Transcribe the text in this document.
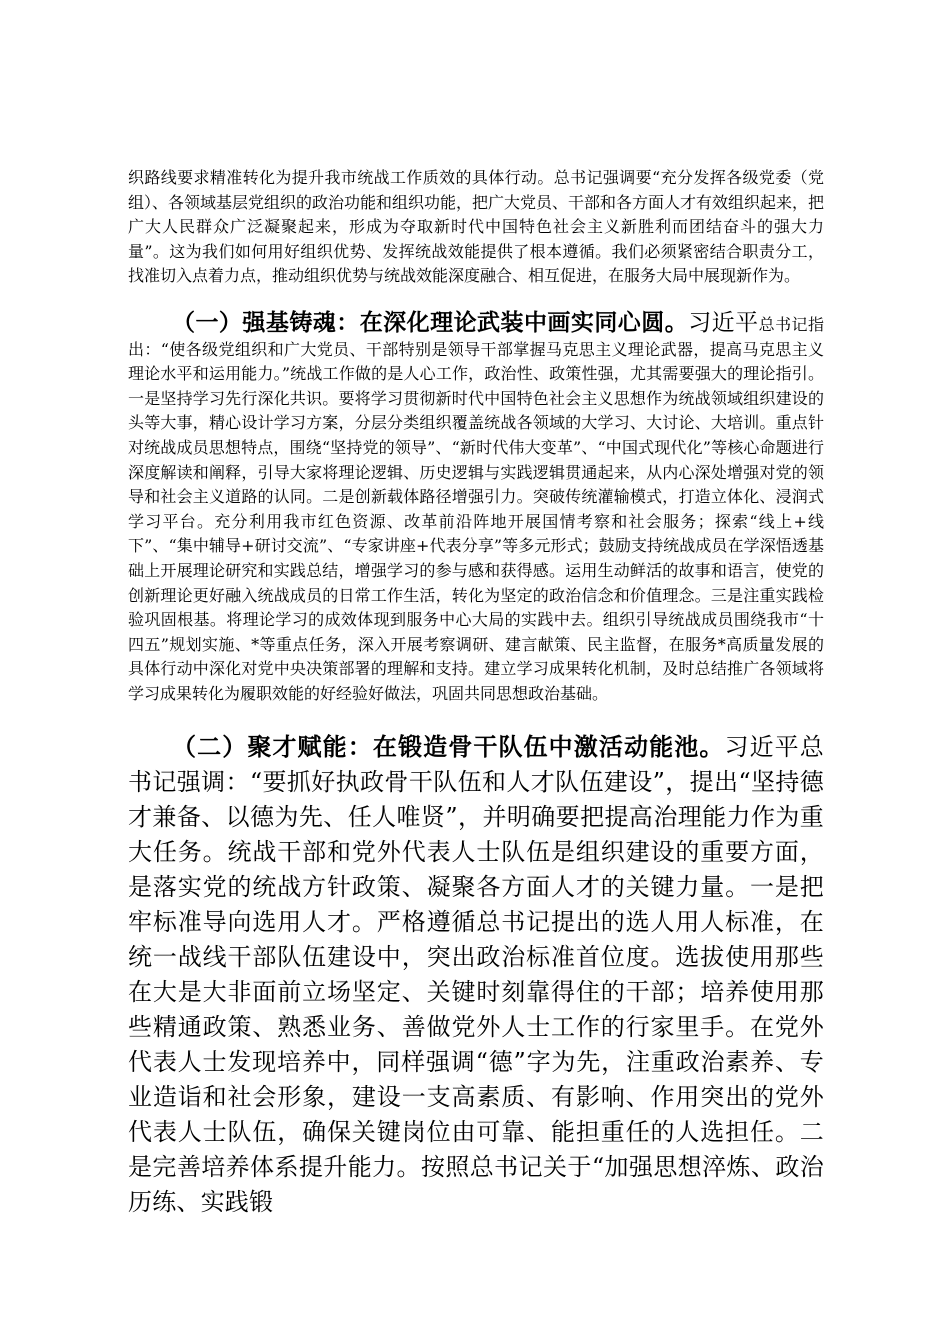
织路线要求精准转化为提升我市统战工作质效的具体行动。总书记强调要“充分发挥各级党委（党组）、各领域基层党组织的政治功能和组织功能，把广大党员、干部和各方面人才有效组织起来，把广大人民群众广泛凝聚起来，形成为夺取新时代中国特色社会主义新胜利而团结奋斗的强大力量”。这为我们如何用好组织优势、发挥统战效能提供了根本遵循。我们必须紧密结合职责分工，找准切入点着力点，推动组织优势与统战效能深度融合、相互促进，在服务大局中展现新作为。

（一）强基铸魂：在深化理论武装中画实同心圆。习近平总书记指出：“使各级党组织和广大党员、干部特别是领导干部掌握马克思主义理论武器，提高马克思主义理论水平和运用能力。”统战工作做的是人心工作，政治性、政策性强，尤其需要强大的理论指引。一是坚持学习先行深化共识。要将学习贯彻新时代中国特色社会主义思想作为统战领域组织建设的头等大事，精心设计学习方案，分层分类组织覆盖统战各领域的大学习、大讨论、大培训。重点针对统战成员思想特点，围绕“坚持党的领导”、“新时代伟大变革”、“中国式现代化”等核心命题进行深度解读和阐释，引导大家将理论逻辑、历史逻辑与实践逻辑贯通起来，从内心深处增强对党的领导和社会主义道路的认同。二是创新载体路径增强引力。突破传统灌输模式，打造立体化、浸润式学习平台。充分利用我市红色资源、改革前沿阵地开展国情考察和社会服务；探索“线上+线下”、“集中辅导+研讨交流”、“专家讲座+代表分享”等多元形式；鼓励支持统战成员在学深悟透基础上开展理论研究和实践总结，增强学习的参与感和获得感。运用生动鲜活的故事和语言，使党的创新理论更好融入统战成员的日常工作生活，转化为坚定的政治信念和价值理念。三是注重实践检验巩固根基。将理论学习的成效体现到服务中心大局的实践中去。组织引导统战成员围绕我市“十四五”规划实施、*等重点任务，深入开展考察调研、建言献策、民主监督，在服务*高质量发展的具体行动中深化对党中央决策部署的理解和支持。建立学习成果转化机制，及时总结推广各领域将学习成果转化为履职效能的好经验好做法，巩固共同思想政治基础。

（二）聚才赋能：在锻造骨干队伍中激活动能池。习近平总书记强调：“要抓好执政骨干队伍和人才队伍建设”，提出“坚持德才兼备、以德为先、任人唯贤”，并明确要把提高治理能力作为重大任务。统战干部和党外代表人士队伍是组织建设的重要方面，是落实党的统战方针政策、凝聚各方面人才的关键力量。一是把牢标准导向选用人才。严格遵循总书记提出的选人用人标准，在统一战线干部队伍建设中，突出政治标准首位度。选拔使用那些在大是大非面前立场坚定、关键时刻靠得住的干部；培养使用那些精通政策、熟悉业务、善做党外人士工作的行家里手。在党外代表人士发现培养中，同样强调“德”字为先，注重政治素养、专业造诣和社会形象，建设一支高素质、有影响、作用突出的党外代表人士队伍，确保关键岗位由可靠、能担重任的人选担任。二是完善培养体系提升能力。按照总书记关于“加强思想淬炼、政治历练、实践锻
